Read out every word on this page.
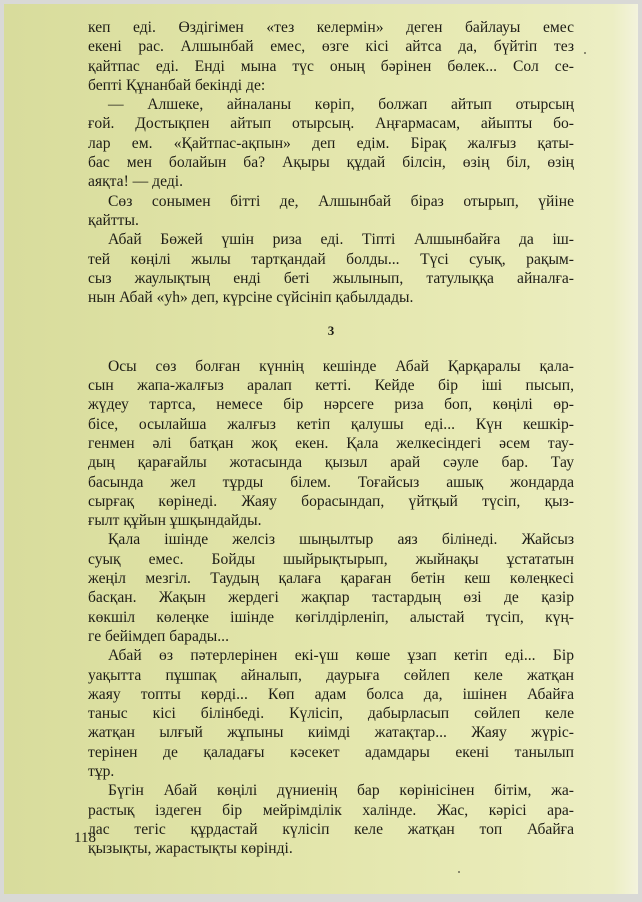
кеп еді. Өздігімен «тез келермін» деген байлауы емес
екені рас. Алшынбай емес, өзге кісі айтса да, бүйтіп тез
қайтпас еді. Енді мына түс оның бәрінен бөлек... Сол се-
бепті Құнанбай бекінді де:
— Алшеке, айналаны көріп, болжап айтып отырсың
ғой. Достықпен айтып отырсың. Аңғармасам, айыпты бо-
лар ем. «Қайтпас-ақпын» деп едім. Бірақ жалғыз қаты-
бас мен болайын ба? Ақыры құдай білсін, өзің біл, өзің
аяқта! — деді.
Сөз сонымен бітті де, Алшынбай біраз отырып, үйіне
қайтты.
Абай Бөжей үшін риза еді. Тіпті Алшынбайға да іш-
тей көңілі жылы тартқандай болды... Түсі суық, рақым-
сыз жаулықтың енді беті жылынып, татулыққа айналға-
нын Абай «уһ» деп, күрсіне сүйсініп қабылдады.
3
Осы сөз болған күннің кешінде Абай Қарқаралы қала-
сын жапа-жалғыз аралап кетті. Кейде бір іші пысып,
жүдеу тартса, немесе бір нәрсеге риза боп, көңілі өр-
бісе, осылайша жалғыз кетіп қалушы еді... Күн кешкір-
генмен әлі батқан жоқ екен. Қала желкесіндегі әсем тау-
дың қарағайлы жотасында қызыл арай сәуле бар. Тау
басында жел тұрды білем. Тоғайсыз ашық жондарда
сырғақ көрінеді. Жаяу борасындап, үйтқый түсіп, қыз-
ғылт құйын ұшқындайды.
Қала ішінде желсіз шыңылтыр аяз білінеді. Жайсыз
суық емес. Бойды шыйрықтырып, жыйнақы ұстататын
жеңіл мезгіл. Таудың қалаға қараған бетін кеш көлеңкесі
басқан. Жақын жердегі жақпар тастардың өзі де қазір
көкшіл көлеңке ішінде көгілдірленіп, алыстай түсіп, күң-
ге бейімдеп барады...
Абай өз пәтерлерінен екі-үш көше ұзап кетіп еді... Бір
уақытта пұшпақ айналып, даурыға сөйлеп келе жатқан
жаяу топты көрді... Көп адам болса да, ішінен Абайға
таныс кісі білінбеді. Күлісіп, дабырласып сөйлеп келе
жатқан ылғый жұпыны киімді жатақтар... Жаяу жүріс-
терінен де қаладағы кәсекет адамдары екені танылып
тұр.
Бүгін Абай көңілі дүниенің бар көрінісінен бітім, жа-
растық іздеген бір мейрімділік халінде. Жас, кәрісі ара-
лас тегіс құрдастай күлісіп келе жатқан топ Абайға
қызықты, жарастықты көрінді.
118
